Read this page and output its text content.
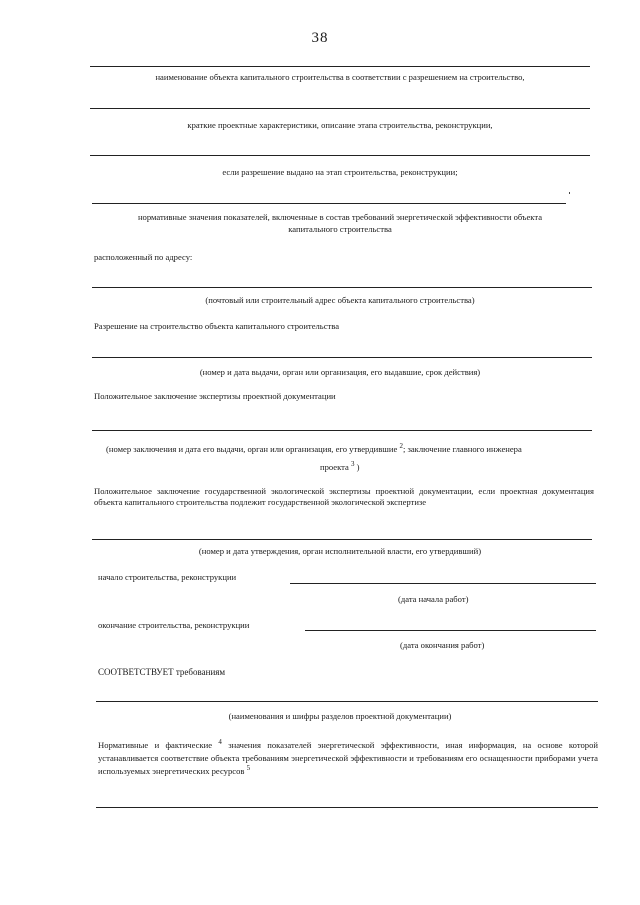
38
наименование объекта капитального строительства в соответствии с разрешением на строительство,
краткие проектные характеристики, описание этапа строительства, реконструкции,
если разрешение выдано на этап строительства, реконструкции;
нормативные значения показателей, включенные в состав требований энергетической эффективности объекта
капитального строительства
расположенный по адресу:
(почтовый или строительный адрес объекта капитального строительства)
Разрешение на строительство объекта капитального строительства
(номер и дата выдачи, орган или организация, его выдавшие, срок действия)
Положительное заключение экспертизы проектной документации
(номер заключения и дата его выдачи, орган или организация, его утвердившие $^2$; заключение главного инженера
проекта $^3$ )
Положительное заключение государственной экологической экспертизы проектной документации, если проектная документация объекта капитального строительства подлежит государственной экологической экспертизе
(номер и дата утверждения, орган исполнительной власти, его утвердивший)
начало строительства, реконструкции
(дата начала работ)
окончание строительства, реконструкции
(дата окончания работ)
СООТВЕТСТВУЕТ требованиям
(наименования и шифры разделов проектной документации)
Нормативные и фактические $^4$ значения показателей энергетической эффективности, иная информация, на основе которой устанавливается соответствие объекта требованиям энергетической эффективности и требованиям его оснащенности приборами учета используемых энергетических ресурсов $^5$
